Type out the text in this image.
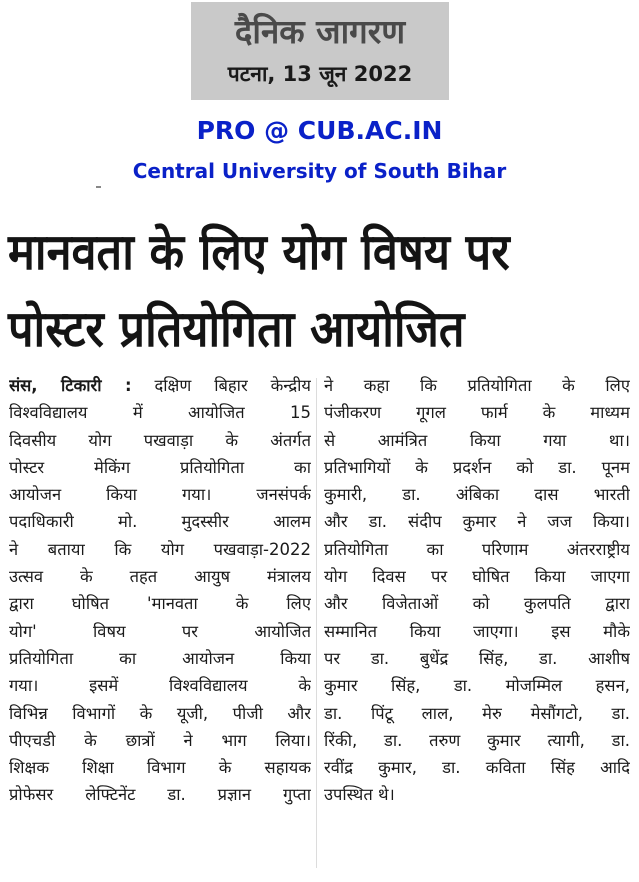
दैनिक जागरण
पटना, 13 जून 2022
PRO @ CUB.AC.IN
Central University of South Bihar
मानवता के लिए योग विषय पर
पोस्टर प्रतियोगिता आयोजित
संस, टिकारी : दक्षिण बिहार केन्द्रीय
विश्वविद्यालय में आयोजित 15
दिवसीय योग पखवाड़ा के अंतर्गत
पोस्टर मेकिंग प्रतियोगिता का
आयोजन किया गया। जनसंपर्क
पदाधिकारी मो. मुदस्सीर आलम
ने बताया कि योग पखवाड़ा-2022
उत्सव के तहत आयुष मंत्रालय
द्वारा घोषित 'मानवता के लिए
योग' विषय पर आयोजित
प्रतियोगिता का आयोजन किया
गया। इसमें विश्वविद्यालय के
विभिन्न विभागों के यूजी, पीजी और
पीएचडी के छात्रों ने भाग लिया।
शिक्षक शिक्षा विभाग के सहायक
प्रोफेसर लेफ्टिनेंट डा. प्रज्ञान गुप्ता
ने कहा कि प्रतियोगिता के लिए
पंजीकरण गूगल फार्म के माध्यम
से आमंत्रित किया गया था।
प्रतिभागियों के प्रदर्शन को डा. पूनम
कुमारी, डा. अंबिका दास भारती
और डा. संदीप कुमार ने जज किया।
प्रतियोगिता का परिणाम अंतरराष्ट्रीय
योग दिवस पर घोषित किया जाएगा
और विजेताओं को कुलपति द्वारा
सम्मानित किया जाएगा। इस मौके
पर डा. बुधेंद्र सिंह, डा. आशीष
कुमार सिंह, डा. मोजम्मिल हसन,
डा. पिंटू लाल, मेरु मेसौंगटो, डा.
रिंकी, डा. तरुण कुमार त्यागी, डा.
रवींद्र कुमार, डा. कविता सिंह आदि
उपस्थित थे।
